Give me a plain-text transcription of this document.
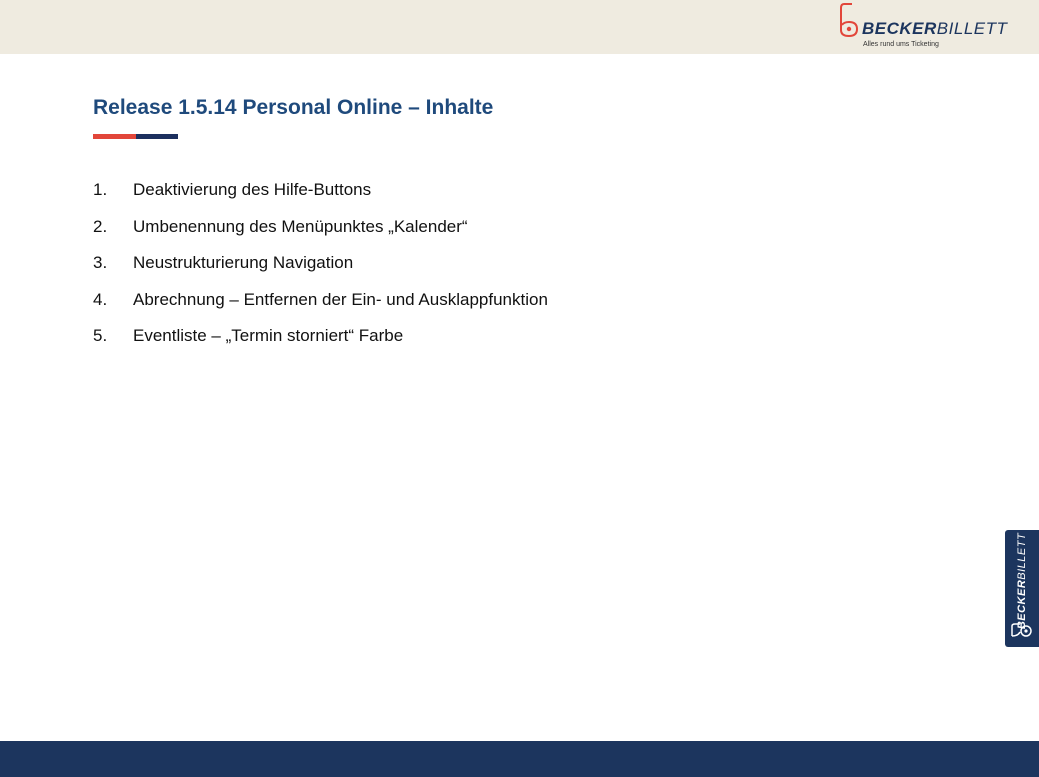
BECKERBILLETT
Alles rund ums Ticketing
Release 1.5.14 Personal Online – Inhalte
1.	Deaktivierung des Hilfe-Buttons
2.	Umbenennung des Menüpunktes „Kalender“
3.	Neustrukturierung Navigation
4.	Abrechnung – Entfernen der Ein- und Ausklappfunktion
5.	Eventliste – „Termin storniert“ Farbe
BECKERBILLETT
